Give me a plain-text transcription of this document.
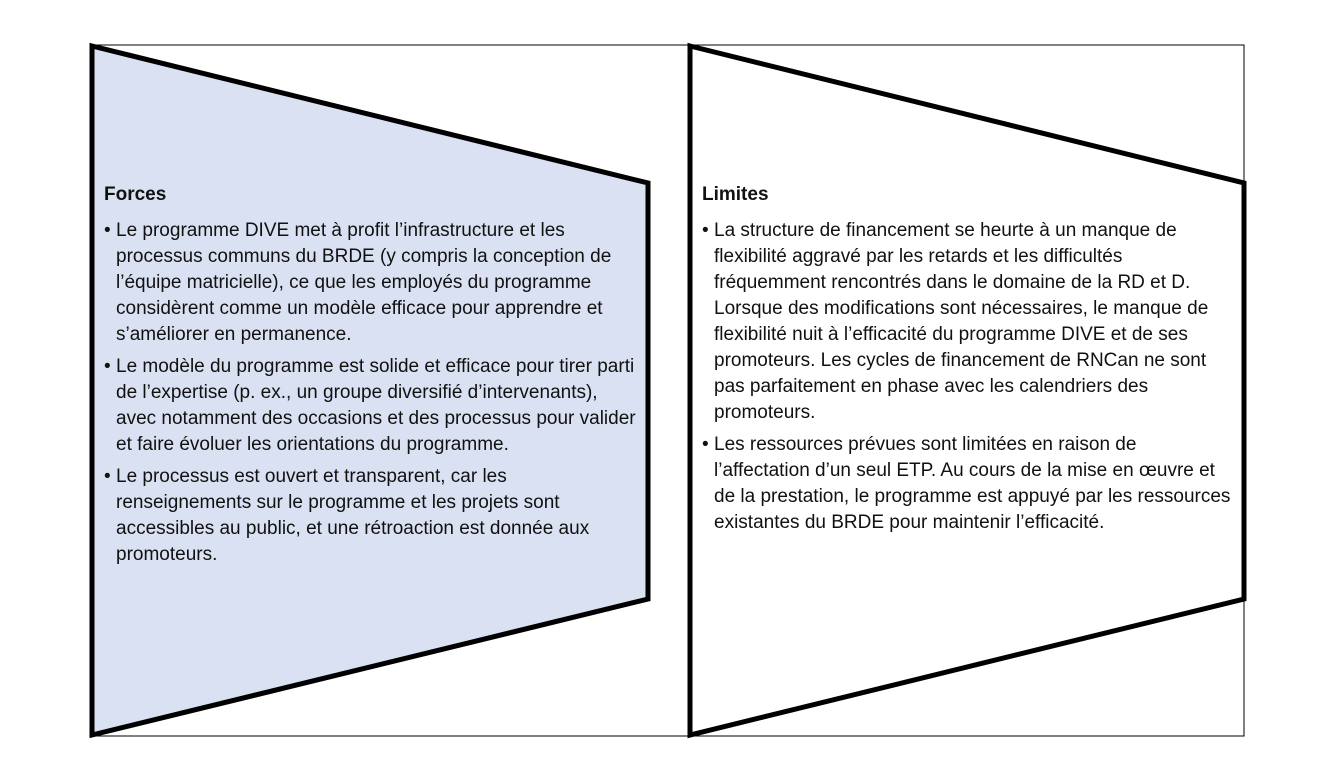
Forces
• Le programme DIVE met à profit l’infrastructure et les processus communs du BRDE (y compris la conception de l’équipe matricielle), ce que les employés du programme considèrent comme un modèle efficace pour apprendre et s’améliorer en permanence.
• Le modèle du programme est solide et efficace pour tirer parti de l’expertise (p. ex., un groupe diversifié d’intervenants), avec notamment des occasions et des processus pour valider et faire évoluer les orientations du programme.
• Le processus est ouvert et transparent, car les renseignements sur le programme et les projets sont accessibles au public, et une rétroaction est donnée aux promoteurs.
Limites
• La structure de financement se heurte à un manque de flexibilité aggravé par les retards et les difficultés fréquemment rencontrés dans le domaine de la RD et D. Lorsque des modifications sont nécessaires, le manque de flexibilité nuit à l’efficacité du programme DIVE et de ses promoteurs. Les cycles de financement de RNCan ne sont pas parfaitement en phase avec les calendriers des promoteurs.
• Les ressources prévues sont limitées en raison de l’affectation d’un seul ETP. Au cours de la mise en œuvre et de la prestation, le programme est appuyé par les ressources existantes du BRDE pour maintenir l’efficacité.
